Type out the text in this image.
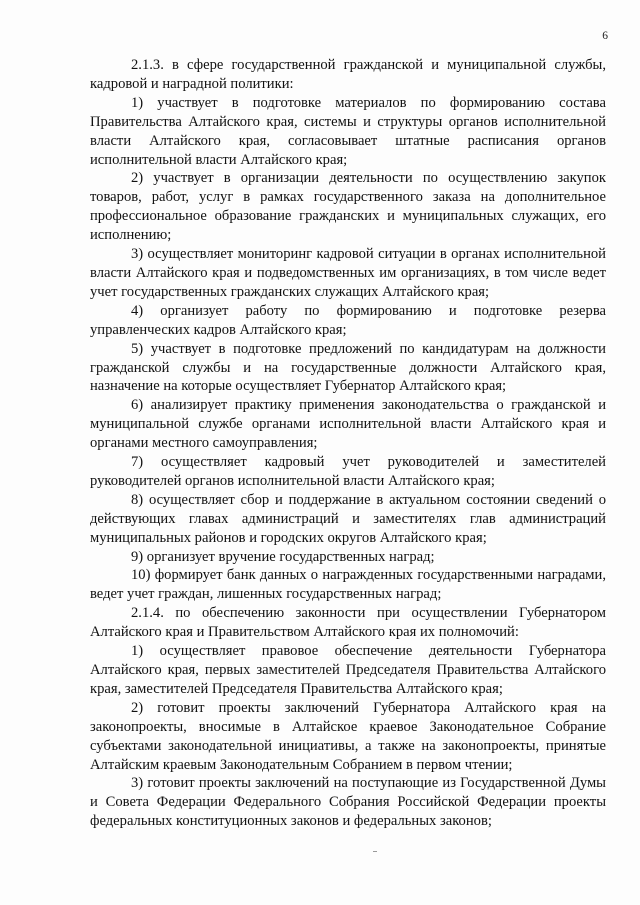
6

2.1.3. в сфере государственной гражданской и муниципальной службы, кадровой и наградной политики:

1) участвует в подготовке материалов по формированию состава Правительства Алтайского края, системы и структуры органов исполнительной власти Алтайского края, согласовывает штатные расписания органов исполнительной власти Алтайского края;

2) участвует в организации деятельности по осуществлению закупок товаров, работ, услуг в рамках государственного заказа на дополнительное профессиональное образование гражданских и муниципальных служащих, его исполнению;

3) осуществляет мониторинг кадровой ситуации в органах исполнительной власти Алтайского края и подведомственных им организациях, в том числе ведет учет государственных гражданских служащих Алтайского края;

4) организует работу по формированию и подготовке резерва управленческих кадров Алтайского края;

5) участвует в подготовке предложений по кандидатурам на должности гражданской службы и на государственные должности Алтайского края, назначение на которые осуществляет Губернатор Алтайского края;

6) анализирует практику применения законодательства о гражданской и муниципальной службе органами исполнительной власти Алтайского края и органами местного самоуправления;

7) осуществляет кадровый учет руководителей и заместителей руководителей органов исполнительной власти Алтайского края;

8) осуществляет сбор и поддержание в актуальном состоянии сведений о действующих главах администраций и заместителях глав администраций муниципальных районов и городских округов Алтайского края;

9) организует вручение государственных наград;

10) формирует банк данных о награжденных государственными наградами, ведет учет граждан, лишенных государственных наград;

2.1.4. по обеспечению законности при осуществлении Губернатором Алтайского края и Правительством Алтайского края их полномочий:

1) осуществляет правовое обеспечение деятельности Губернатора Алтайского края, первых заместителей Председателя Правительства Алтайского края, заместителей Председателя Правительства Алтайского края;

2) готовит проекты заключений Губернатора Алтайского края на законопроекты, вносимые в Алтайское краевое Законодательное Собрание субъектами законодательной инициативы, а также на законопроекты, принятые Алтайским краевым Законодательным Собранием в первом чтении;

3) готовит проекты заключений на поступающие из Государственной Думы и Совета Федерации Федерального Собрания Российской Федерации проекты федеральных конституционных законов и федеральных законов;
